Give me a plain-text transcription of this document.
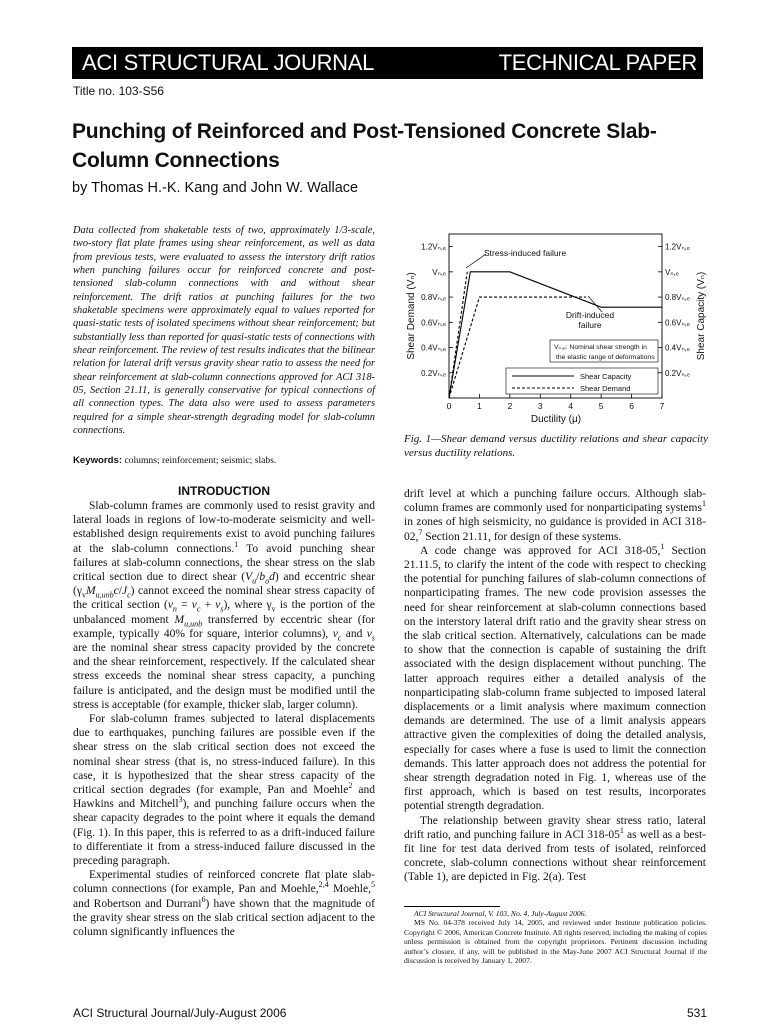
ACI STRUCTURAL JOURNAL	TECHNICAL PAPER
Title no. 103-S56
Punching of Reinforced and Post-Tensioned Concrete Slab-Column Connections
by Thomas H.-K. Kang and John W. Wallace

Data collected from shaketable tests of two, approximately 1/3-scale, two-story flat plate frames using shear reinforcement, as well as data from previous tests, were evaluated to assess the interstory drift ratios when punching failures occur for reinforced concrete and post-tensioned slab-column connections with and without shear reinforcement. The drift ratios at punching failures for the two shaketable specimens were approximately equal to values reported for quasi-static tests of isolated specimens without shear reinforcement; but substantially less than reported for quasi-static tests of connections with shear reinforcement. The review of test results indicates that the bilinear relation for lateral drift versus gravity shear ratio to assess the need for shear reinforcement at slab-column connections approved for ACI 318-05, Section 21.11, is generally conservative for typical connections of all connection types. The data also were used to assess parameters required for a simple shear-strength degrading model for slab-column connections.

Keywords: columns; reinforcement; seismic; slabs.
INTRODUCTION

Slab-column frames are commonly used to resist gravity and lateral loads in regions of low-to-moderate seismicity and well-established design requirements exist to avoid punching failures at the slab-column connections.$^1$ To avoid punching shear failures at slab-column connections, the shear stress on the slab critical section due to direct shear $(V_u/b_od)$ and eccentric shear $(\gamma_vM_{u,unb}c/J_c)$ cannot exceed the nominal shear stress capacity of the critical section $(v_n = v_c + v_s)$, where $\gamma_v$ is the portion of the unbalanced moment $M_{u,unb}$ transferred by eccentric shear (for example, typically 40% for square, interior columns), $v_c$ and $v_s$ are the nominal shear stress capacity provided by the concrete and the shear reinforcement, respectively. If the calculated shear stress exceeds the nominal shear stress capacity, a punching failure is anticipated, and the design must be modified until the stress is acceptable (for example, thicker slab, larger column).

For slab-column frames subjected to lateral displacements due to earthquakes, punching failures are possible even if the shear stress on the slab critical section does not exceed the nominal shear stress (that is, no stress-induced failure). In this case, it is hypothesized that the shear stress capacity of the critical section degrades (for example, Pan and Moehle$^2$ and Hawkins and Mitchell$^3$), and punching failure occurs when the shear capacity degrades to the point where it equals the demand (Fig. 1). In this paper, this is referred to as a drift-induced failure to differentiate it from a stress-induced failure discussed in the preceding paragraph.

Experimental studies of reinforced concrete flat plate slab-column connections (for example, Pan and Moehle,$^{2,4}$ Moehle,$^5$ and Robertson and Durrani$^6$) have shown that the magnitude of the gravity shear stress on the slab critical section adjacent to the column significantly influences the

Shear Demand (Vₙ)	Shear Capacity (Vₙ)
Ductility (μ)
1.2Vₙ,ₑ
Vₙ,ₑ
0.8Vₙ,ₑ
0.6Vₙ,ₑ
0.4Vₙ,ₑ
0.2Vₙ,ₑ
1.2Vₙ,ₑ
Vₙ,ₑ
0.8Vₙ,ₑ
0.6Vₙ,ₑ
0.4Vₙ,ₑ
0.2Vₙ,ₑ
0	1	2	3	4	5	6	7
Stress-induced failure
Drift-induced
failure
Vₙ,ₑ: Nominal shear strength in
the elastic range of deformations
Shear Capacity
Shear Demand
Fig. 1—Shear demand versus ductility relations and shear capacity versus ductility relations.

drift level at which a punching failure occurs. Although slab-column frames are commonly used for nonparticipating systems$^1$ in zones of high seismicity, no guidance is provided in ACI 318-02,$^7$ Section 21.11, for design of these systems.

A code change was approved for ACI 318-05,$^1$ Section 21.11.5, to clarify the intent of the code with respect to checking the potential for punching failures of slab-column connections of nonparticipating frames. The new code provision assesses the need for shear reinforcement at slab-column connections based on the interstory lateral drift ratio and the gravity shear stress on the slab critical section. Alternatively, calculations can be made to show that the connection is capable of sustaining the drift associated with the design displacement without punching. The latter approach requires either a detailed analysis of the nonparticipating slab-column frame subjected to imposed lateral displacements or a limit analysis where maximum connection demands are determined. The use of a limit analysis appears attractive given the complexities of doing the detailed analysis, especially for cases where a fuse is used to limit the connection demands. This latter approach does not address the potential for shear strength degradation noted in Fig. 1, whereas use of the first approach, which is based on test results, incorporates potential strength degradation.

The relationship between gravity shear stress ratio, lateral drift ratio, and punching failure in ACI $318-05^1$ as well as a best-fit line for test data derived from tests of isolated, reinforced concrete, slab-column connections without shear reinforcement (Table 1), are depicted in Fig. 2(a). Test

ACI Structural Journal, V. 103, No. 4, July-August 2006.

MS No. 04-378 received July 14, 2005, and reviewed under Institute publication policies. Copyright © 2006, American Concrete Institute. All rights reserved, including the making of copies unless permission is obtained from the copyright proprietors. Pertinent discussion including author’s closure, if any, will be published in the May-June 2007 ACI Structural Journal if the discussion is received by January 1, 2007.

ACI Structural Journal/July-August 2006	531
